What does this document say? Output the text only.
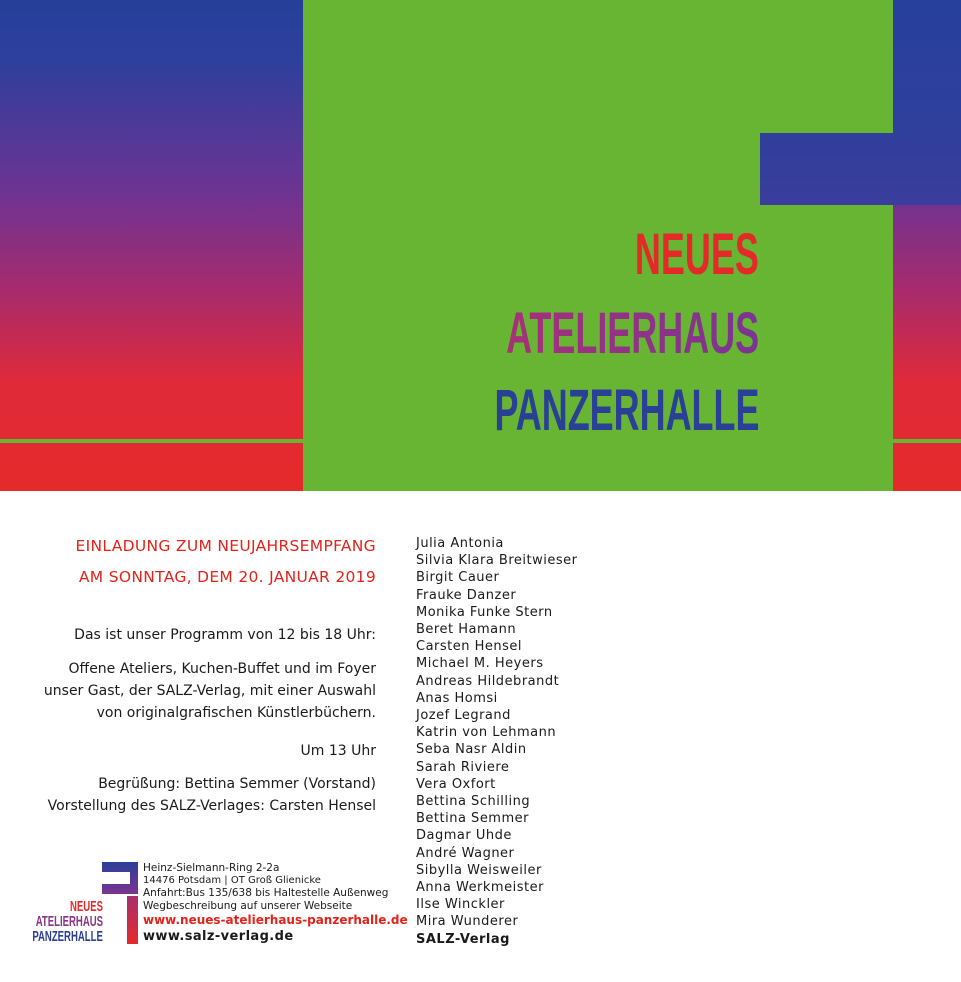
NEUES
ATELIERHAUS
PANZERHALLE
EINLADUNG ZUM NEUJAHRSEMPFANG
AM SONNTAG, DEM 20. JANUAR 2019
Das ist unser Programm von 12 bis 18 Uhr:
Offene Ateliers, Kuchen-Buffet und im Foyer
unser Gast, der SALZ-Verlag, mit einer Auswahl
von originalgrafischen Künstlerbüchern.
Um 13 Uhr
Begrüßung: Bettina Semmer (Vorstand)
Vorstellung des SALZ-Verlages: Carsten Hensel
NEUES
ATELIERHAUS
PANZERHALLE
Heinz-Sielmann-Ring 2-2a
14476 Potsdam | OT Groß Glienicke
Anfahrt:Bus 135/638 bis Haltestelle Außenweg
Wegbeschreibung auf unserer Webseite
www.neues-atelierhaus-panzerhalle.de
www.salz-verlag.de
Julia Antonia
Silvia Klara Breitwieser
Birgit Cauer
Frauke Danzer
Monika Funke Stern
Beret Hamann
Carsten Hensel
Michael M. Heyers
Andreas Hildebrandt
Anas Homsi
Jozef Legrand
Katrin von Lehmann
Seba Nasr Aldin
Sarah Riviere
Vera Oxfort
Bettina Schilling
Bettina Semmer
Dagmar Uhde
André Wagner
Sibylla Weisweiler
Anna Werkmeister
Ilse Winckler
Mira Wunderer
SALZ-Verlag
